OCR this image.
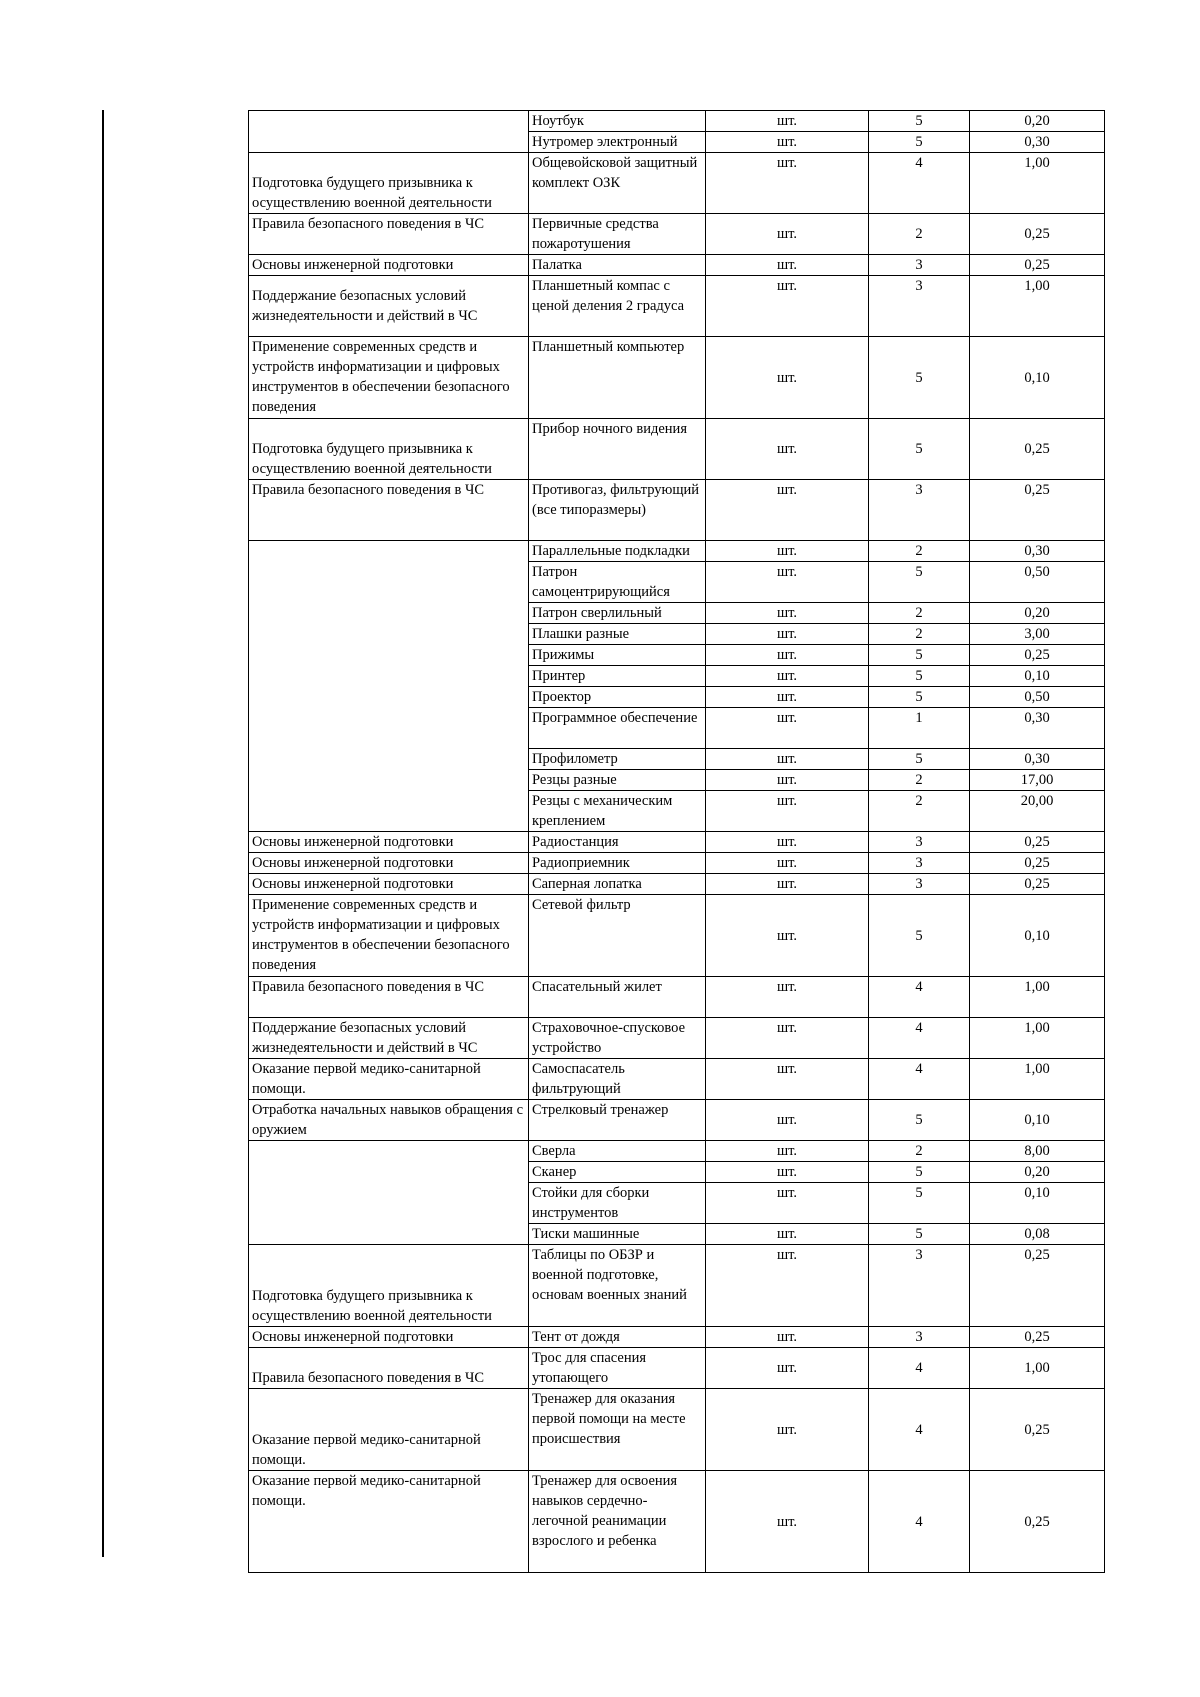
	Ноутбук	шт.	5	0,20
	Нутромер электронный	шт.	5	0,30
Подготовка будущего призывника к осуществлению военной деятельности	Общевойсковой защитный комплект ОЗК	шт.	4	1,00
Правила безопасного поведения в ЧС	Первичные средства пожаротушения	шт.	2	0,25
Основы инженерной подготовки	Палатка	шт.	3	0,25
Поддержание безопасных условий жизнедеятельности и действий в ЧС	Планшетный компас с ценой деления 2 градуса	шт.	3	1,00
Применение современных средств и устройств информатизации и цифровых инструментов в обеспечении безопасного поведения	Планшетный компьютер	шт.	5	0,10
Подготовка будущего призывника к осуществлению военной деятельности	Прибор ночного видения	шт.	5	0,25
Правила безопасного поведения в ЧС	Противогаз, фильтрующий (все типоразмеры)	шт.	3	0,25
	Параллельные подкладки	шт.	2	0,30
	Патрон самоцентрирующийся	шт.	5	0,50
	Патрон сверлильный	шт.	2	0,20
	Плашки разные	шт.	2	3,00
	Прижимы	шт.	5	0,25
	Принтер	шт.	5	0,10
	Проектор	шт.	5	0,50
	Программное обеспечение	шт.	1	0,30
	Профилометр	шт.	5	0,30
	Резцы разные	шт.	2	17,00
	Резцы с механическим креплением	шт.	2	20,00
Основы инженерной подготовки	Радиостанция	шт.	3	0,25
Основы инженерной подготовки	Радиоприемник	шт.	3	0,25
Основы инженерной подготовки	Саперная лопатка	шт.	3	0,25
Применение современных средств и устройств информатизации и цифровых инструментов в обеспечении безопасного поведения	Сетевой фильтр	шт.	5	0,10
Правила безопасного поведения в ЧС	Спасательный жилет	шт.	4	1,00
Поддержание безопасных условий жизнедеятельности и действий в ЧС	Страховочное-спусковое устройство	шт.	4	1,00
Оказание первой медико-санитарной помощи.	Самоспасатель фильтрующий	шт.	4	1,00
Отработка начальных навыков обращения с оружием	Стрелковый тренажер	шт.	5	0,10
	Сверла	шт.	2	8,00
	Сканер	шт.	5	0,20
	Стойки для сборки инструментов	шт.	5	0,10
	Тиски машинные	шт.	5	0,08
Подготовка будущего призывника к осуществлению военной деятельности	Таблицы по ОБЗР и военной подготовке, основам военных знаний	шт.	3	0,25
Основы инженерной подготовки	Тент от дождя	шт.	3	0,25
Правила безопасного поведения в ЧС	Трос для спасения утопающего	шт.	4	1,00
Оказание первой медико-санитарной помощи.	Тренажер для оказания первой помощи на месте происшествия	шт.	4	0,25
Оказание первой медико-санитарной помощи.	Тренажер для освоения навыков сердечно-легочной реанимации взрослого и ребенка	шт.	4	0,25
